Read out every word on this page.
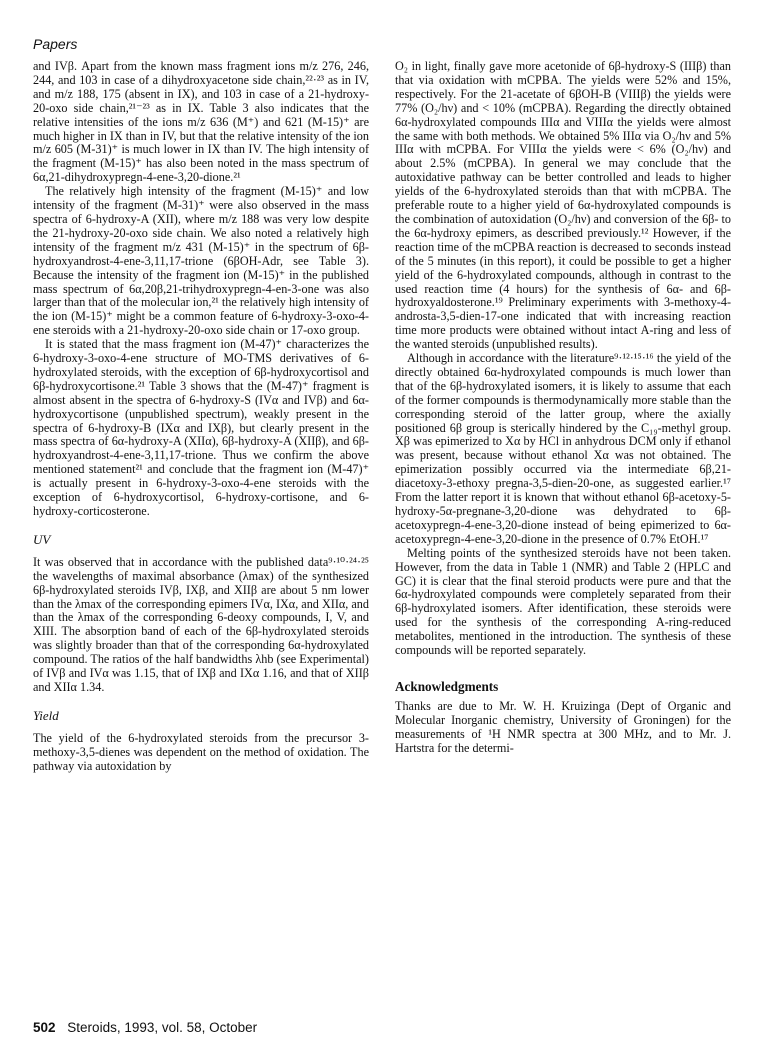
Papers

and IVβ. Apart from the known mass fragment ions m/z 276, 246, 244, and 103 in case of a dihydroxyacetone side chain,²²·²³ as in IV, and m/z 188, 175 (absent in IX), and 103 in case of a 21-hydroxy-20-oxo side chain,²¹⁻²³ as in IX. Table 3 also indicates that the relative intensities of the ions m/z 636 (M⁺) and 621 (M-15)⁺ are much higher in IX than in IV, but that the relative intensity of the ion m/z 605 (M-31)⁺ is much lower in IX than IV. The high intensity of the fragment (M-15)⁺ has also been noted in the mass spectrum of 6α,21-dihydroxypregn-4-ene-3,20-dione.²¹

The relatively high intensity of the fragment (M-15)⁺ and low intensity of the fragment (M-31)⁺ were also observed in the mass spectra of 6-hydroxy-A (XII), where m/z 188 was very low despite the 21-hydroxy-20-oxo side chain. We also noted a relatively high intensity of the fragment m/z 431 (M-15)⁺ in the spectrum of 6β-hydroxyandrost-4-ene-3,11,17-trione (6βOH-Adr, see Table 3). Because the intensity of the fragment ion (M-15)⁺ in the published mass spectrum of 6α,20β,21-trihydroxypregn-4-en-3-one was also larger than that of the molecular ion,²¹ the relatively high intensity of the ion (M-15)⁺ might be a common feature of 6-hydroxy-3-oxo-4-ene steroids with a 21-hydroxy-20-oxo side chain or 17-oxo group.

It is stated that the mass fragment ion (M-47)⁺ characterizes the 6-hydroxy-3-oxo-4-ene structure of MO-TMS derivatives of 6-hydroxylated steroids, with the exception of 6β-hydroxycortisol and 6β-hydroxycortisone.²¹ Table 3 shows that the (M-47)⁺ fragment is almost absent in the spectra of 6-hydroxy-S (IVα and IVβ) and 6α-hydroxycortisone (unpublished spectrum), weakly present in the spectra of 6-hydroxy-B (IXα and IXβ), but clearly present in the mass spectra of 6α-hydroxy-A (XIIα), 6β-hydroxy-A (XIIβ), and 6β-hydroxyandrost-4-ene-3,11,17-trione. Thus we confirm the above mentioned statement²¹ and conclude that the fragment ion (M-47)⁺ is actually present in 6-hydroxy-3-oxo-4-ene steroids with the exception of 6-hydroxycortisol, 6-hydroxy-cortisone, and 6-hydroxy-corticosterone.

UV

It was observed that in accordance with the published data⁹·¹⁰·²⁴·²⁵ the wavelengths of maximal absorbance (λmax) of the synthesized 6β-hydroxylated steroids IVβ, IXβ, and XIIβ are about 5 nm lower than the λmax of the corresponding epimers IVα, IXα, and XIIα, and than the λmax of the corresponding 6-deoxy compounds, I, V, and XIII. The absorption band of each of the 6β-hydroxylated steroids was slightly broader than that of the corresponding 6α-hydroxylated compound. The ratios of the half bandwidths λhb (see Experimental) of IVβ and IVα was 1.15, that of IXβ and IXα 1.16, and that of XIIβ and XIIα 1.34.

Yield

The yield of the 6-hydroxylated steroids from the precursor 3-methoxy-3,5-dienes was dependent on the method of oxidation. The pathway via autoxidation by

O₂ in light, finally gave more acetonide of 6β-hydroxy-S (IIIβ) than that via oxidation with mCPBA. The yields were 52% and 15%, respectively. For the 21-acetate of 6βOH-B (VIIIβ) the yields were 77% (O₂/hν) and < 10% (mCPBA). Regarding the directly obtained 6α-hydroxylated compounds IIIα and VIIIα the yields were almost the same with both methods. We obtained 5% IIIα via O₂/hν and 5% IIIα with mCPBA. For VIIIα the yields were < 6% (O₂/hν) and about 2.5% (mCPBA). In general we may conclude that the autoxidative pathway can be better controlled and leads to higher yields of the 6-hydroxylated steroids than that with mCPBA. The preferable route to a higher yield of 6α-hydroxylated compounds is the combination of autoxidation (O₂/hν) and conversion of the 6β- to the 6α-hydroxy epimers, as described previously.¹² However, if the reaction time of the mCPBA reaction is decreased to seconds instead of the 5 minutes (in this report), it could be possible to get a higher yield of the 6-hydroxylated compounds, although in contrast to the used reaction time (4 hours) for the synthesis of 6α- and 6β-hydroxyaldosterone.¹⁹ Preliminary experiments with 3-methoxy-4-androsta-3,5-dien-17-one indicated that with increasing reaction time more products were obtained without intact A-ring and less of the wanted steroids (unpublished results).

Although in accordance with the literature⁹·¹²·¹⁵·¹⁶ the yield of the directly obtained 6α-hydroxylated compounds is much lower than that of the 6β-hydroxylated isomers, it is likely to assume that each of the former compounds is thermodynamically more stable than the corresponding steroid of the latter group, where the axially positioned 6β group is sterically hindered by the C₁₉-methyl group. Xβ was epimerized to Xα by HCl in anhydrous DCM only if ethanol was present, because without ethanol Xα was not obtained. The epimerization possibly occurred via the intermediate 6β,21-diacetoxy-3-ethoxy pregna-3,5-dien-20-one, as suggested earlier.¹⁷ From the latter report it is known that without ethanol 6β-acetoxy-5-hydroxy-5α-pregnane-3,20-dione was dehydrated to 6β-acetoxypregn-4-ene-3,20-dione instead of being epimerized to 6α-acetoxypregn-4-ene-3,20-dione in the presence of 0.7% EtOH.¹⁷

Melting points of the synthesized steroids have not been taken. However, from the data in Table 1 (NMR) and Table 2 (HPLC and GC) it is clear that the final steroid products were pure and that the 6α-hydroxylated compounds were completely separated from their 6β-hydroxylated isomers. After identification, these steroids were used for the synthesis of the corresponding A-ring-reduced metabolites, mentioned in the introduction. The synthesis of these compounds will be reported separately.

Acknowledgments

Thanks are due to Mr. W. H. Kruizinga (Dept of Organic and Molecular Inorganic chemistry, University of Groningen) for the measurements of ¹H NMR spectra at 300 MHz, and to Mr. J. Hartstra for the determi-

502 Steroids, 1993, vol. 58, October
